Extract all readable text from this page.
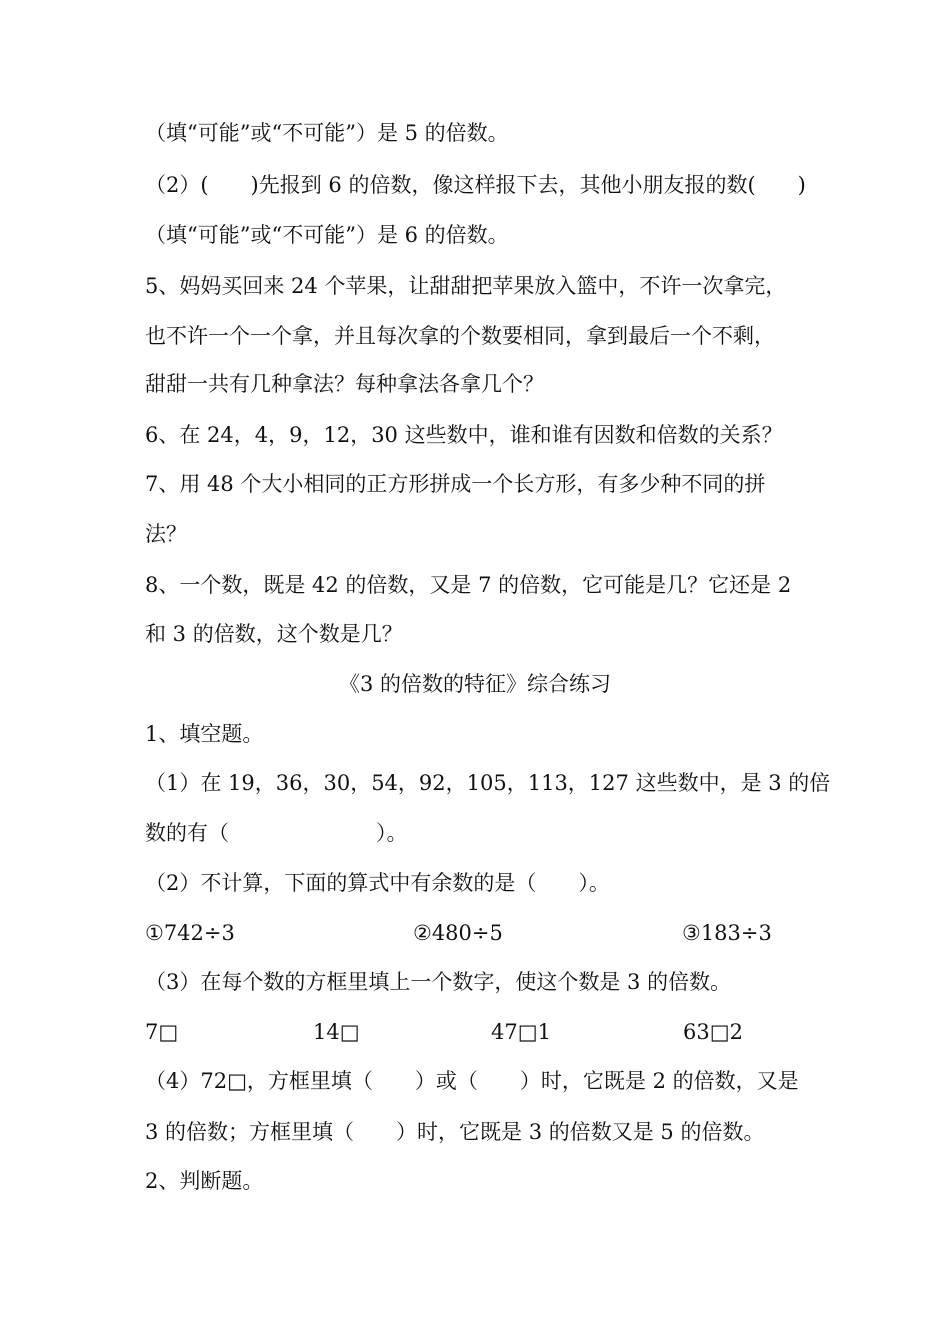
（填“可能”或“不可能”）是 5 的倍数。
（2）(　　)先报到 6 的倍数，像这样报下去，其他小朋友报的数(　　)
（填“可能”或“不可能”）是 6 的倍数。
5、妈妈买回来 24 个苹果，让甜甜把苹果放入篮中，不许一次拿完，
也不许一个一个拿，并且每次拿的个数要相同，拿到最后一个不剩，
甜甜一共有几种拿法？每种拿法各拿几个？
6、在 24，4，9，12，30 这些数中，谁和谁有因数和倍数的关系？
7、用 48 个大小相同的正方形拼成一个长方形，有多少种不同的拼
法？
8、一个数，既是 42 的倍数，又是 7 的倍数，它可能是几？它还是 2
和 3 的倍数，这个数是几？
《3 的倍数的特征》综合练习
1、填空题。
（1）在 19，36，30，54，92，105，113，127 这些数中，是 3 的倍
数的有（　　　　　　　）。
（2）不计算，下面的算式中有余数的是（　　）。
①742÷3	②480÷5	③183÷3
（3）在每个数的方框里填上一个数字，使这个数是 3 的倍数。
7□	14□	47□1	63□2
（4）72□，方框里填（　　）或（　　）时，它既是 2 的倍数，又是
3 的倍数；方框里填（　　）时，它既是 3 的倍数又是 5 的倍数。
2、判断题。
